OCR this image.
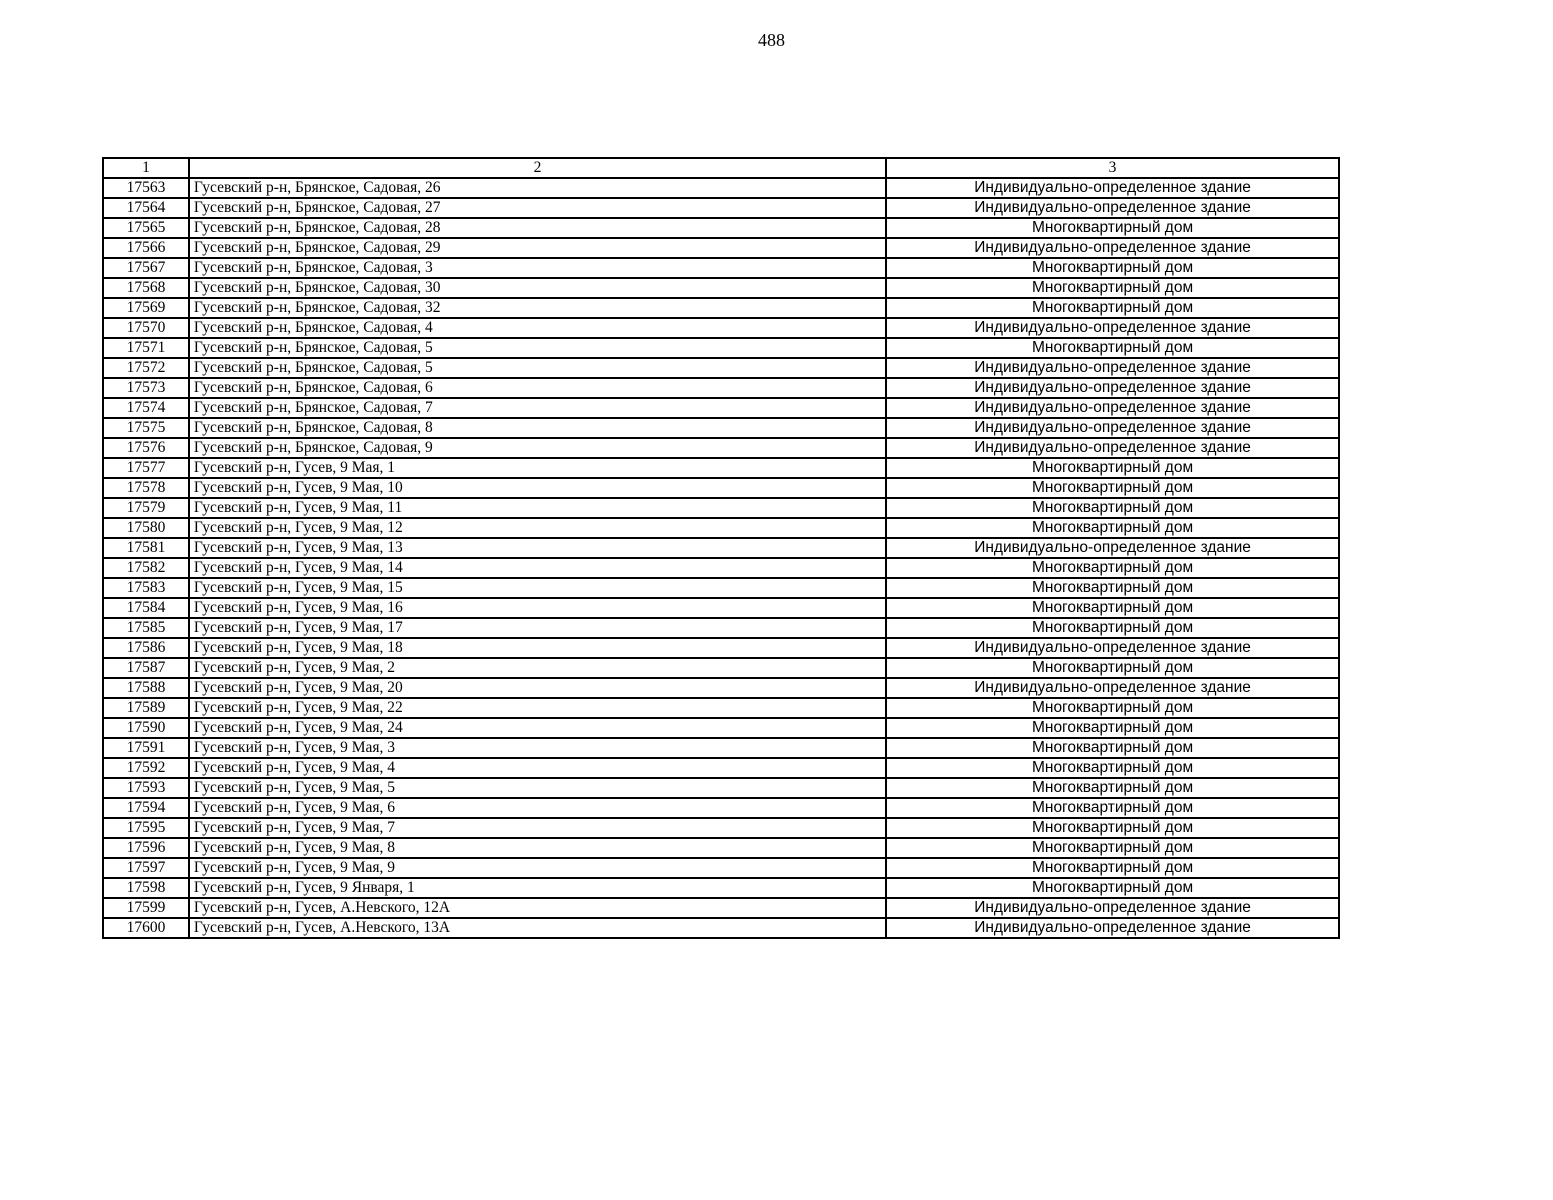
488
1	2	3
17563	Гусевский р-н, Брянское, Садовая, 26	Индивидуально-определенное здание
17564	Гусевский р-н, Брянское, Садовая, 27	Индивидуально-определенное здание
17565	Гусевский р-н, Брянское, Садовая, 28	Многоквартирный дом
17566	Гусевский р-н, Брянское, Садовая, 29	Индивидуально-определенное здание
17567	Гусевский р-н, Брянское, Садовая, 3	Многоквартирный дом
17568	Гусевский р-н, Брянское, Садовая, 30	Многоквартирный дом
17569	Гусевский р-н, Брянское, Садовая, 32	Многоквартирный дом
17570	Гусевский р-н, Брянское, Садовая, 4	Индивидуально-определенное здание
17571	Гусевский р-н, Брянское, Садовая, 5	Многоквартирный дом
17572	Гусевский р-н, Брянское, Садовая, 5	Индивидуально-определенное здание
17573	Гусевский р-н, Брянское, Садовая, 6	Индивидуально-определенное здание
17574	Гусевский р-н, Брянское, Садовая, 7	Индивидуально-определенное здание
17575	Гусевский р-н, Брянское, Садовая, 8	Индивидуально-определенное здание
17576	Гусевский р-н, Брянское, Садовая, 9	Индивидуально-определенное здание
17577	Гусевский р-н, Гусев, 9 Мая, 1	Многоквартирный дом
17578	Гусевский р-н, Гусев, 9 Мая, 10	Многоквартирный дом
17579	Гусевский р-н, Гусев, 9 Мая, 11	Многоквартирный дом
17580	Гусевский р-н, Гусев, 9 Мая, 12	Многоквартирный дом
17581	Гусевский р-н, Гусев, 9 Мая, 13	Индивидуально-определенное здание
17582	Гусевский р-н, Гусев, 9 Мая, 14	Многоквартирный дом
17583	Гусевский р-н, Гусев, 9 Мая, 15	Многоквартирный дом
17584	Гусевский р-н, Гусев, 9 Мая, 16	Многоквартирный дом
17585	Гусевский р-н, Гусев, 9 Мая, 17	Многоквартирный дом
17586	Гусевский р-н, Гусев, 9 Мая, 18	Индивидуально-определенное здание
17587	Гусевский р-н, Гусев, 9 Мая, 2	Многоквартирный дом
17588	Гусевский р-н, Гусев, 9 Мая, 20	Индивидуально-определенное здание
17589	Гусевский р-н, Гусев, 9 Мая, 22	Многоквартирный дом
17590	Гусевский р-н, Гусев, 9 Мая, 24	Многоквартирный дом
17591	Гусевский р-н, Гусев, 9 Мая, 3	Многоквартирный дом
17592	Гусевский р-н, Гусев, 9 Мая, 4	Многоквартирный дом
17593	Гусевский р-н, Гусев, 9 Мая, 5	Многоквартирный дом
17594	Гусевский р-н, Гусев, 9 Мая, 6	Многоквартирный дом
17595	Гусевский р-н, Гусев, 9 Мая, 7	Многоквартирный дом
17596	Гусевский р-н, Гусев, 9 Мая, 8	Многоквартирный дом
17597	Гусевский р-н, Гусев, 9 Мая, 9	Многоквартирный дом
17598	Гусевский р-н, Гусев, 9 Января, 1	Многоквартирный дом
17599	Гусевский р-н, Гусев, А.Невского, 12А	Индивидуально-определенное здание
17600	Гусевский р-н, Гусев, А.Невского, 13А	Индивидуально-определенное здание
